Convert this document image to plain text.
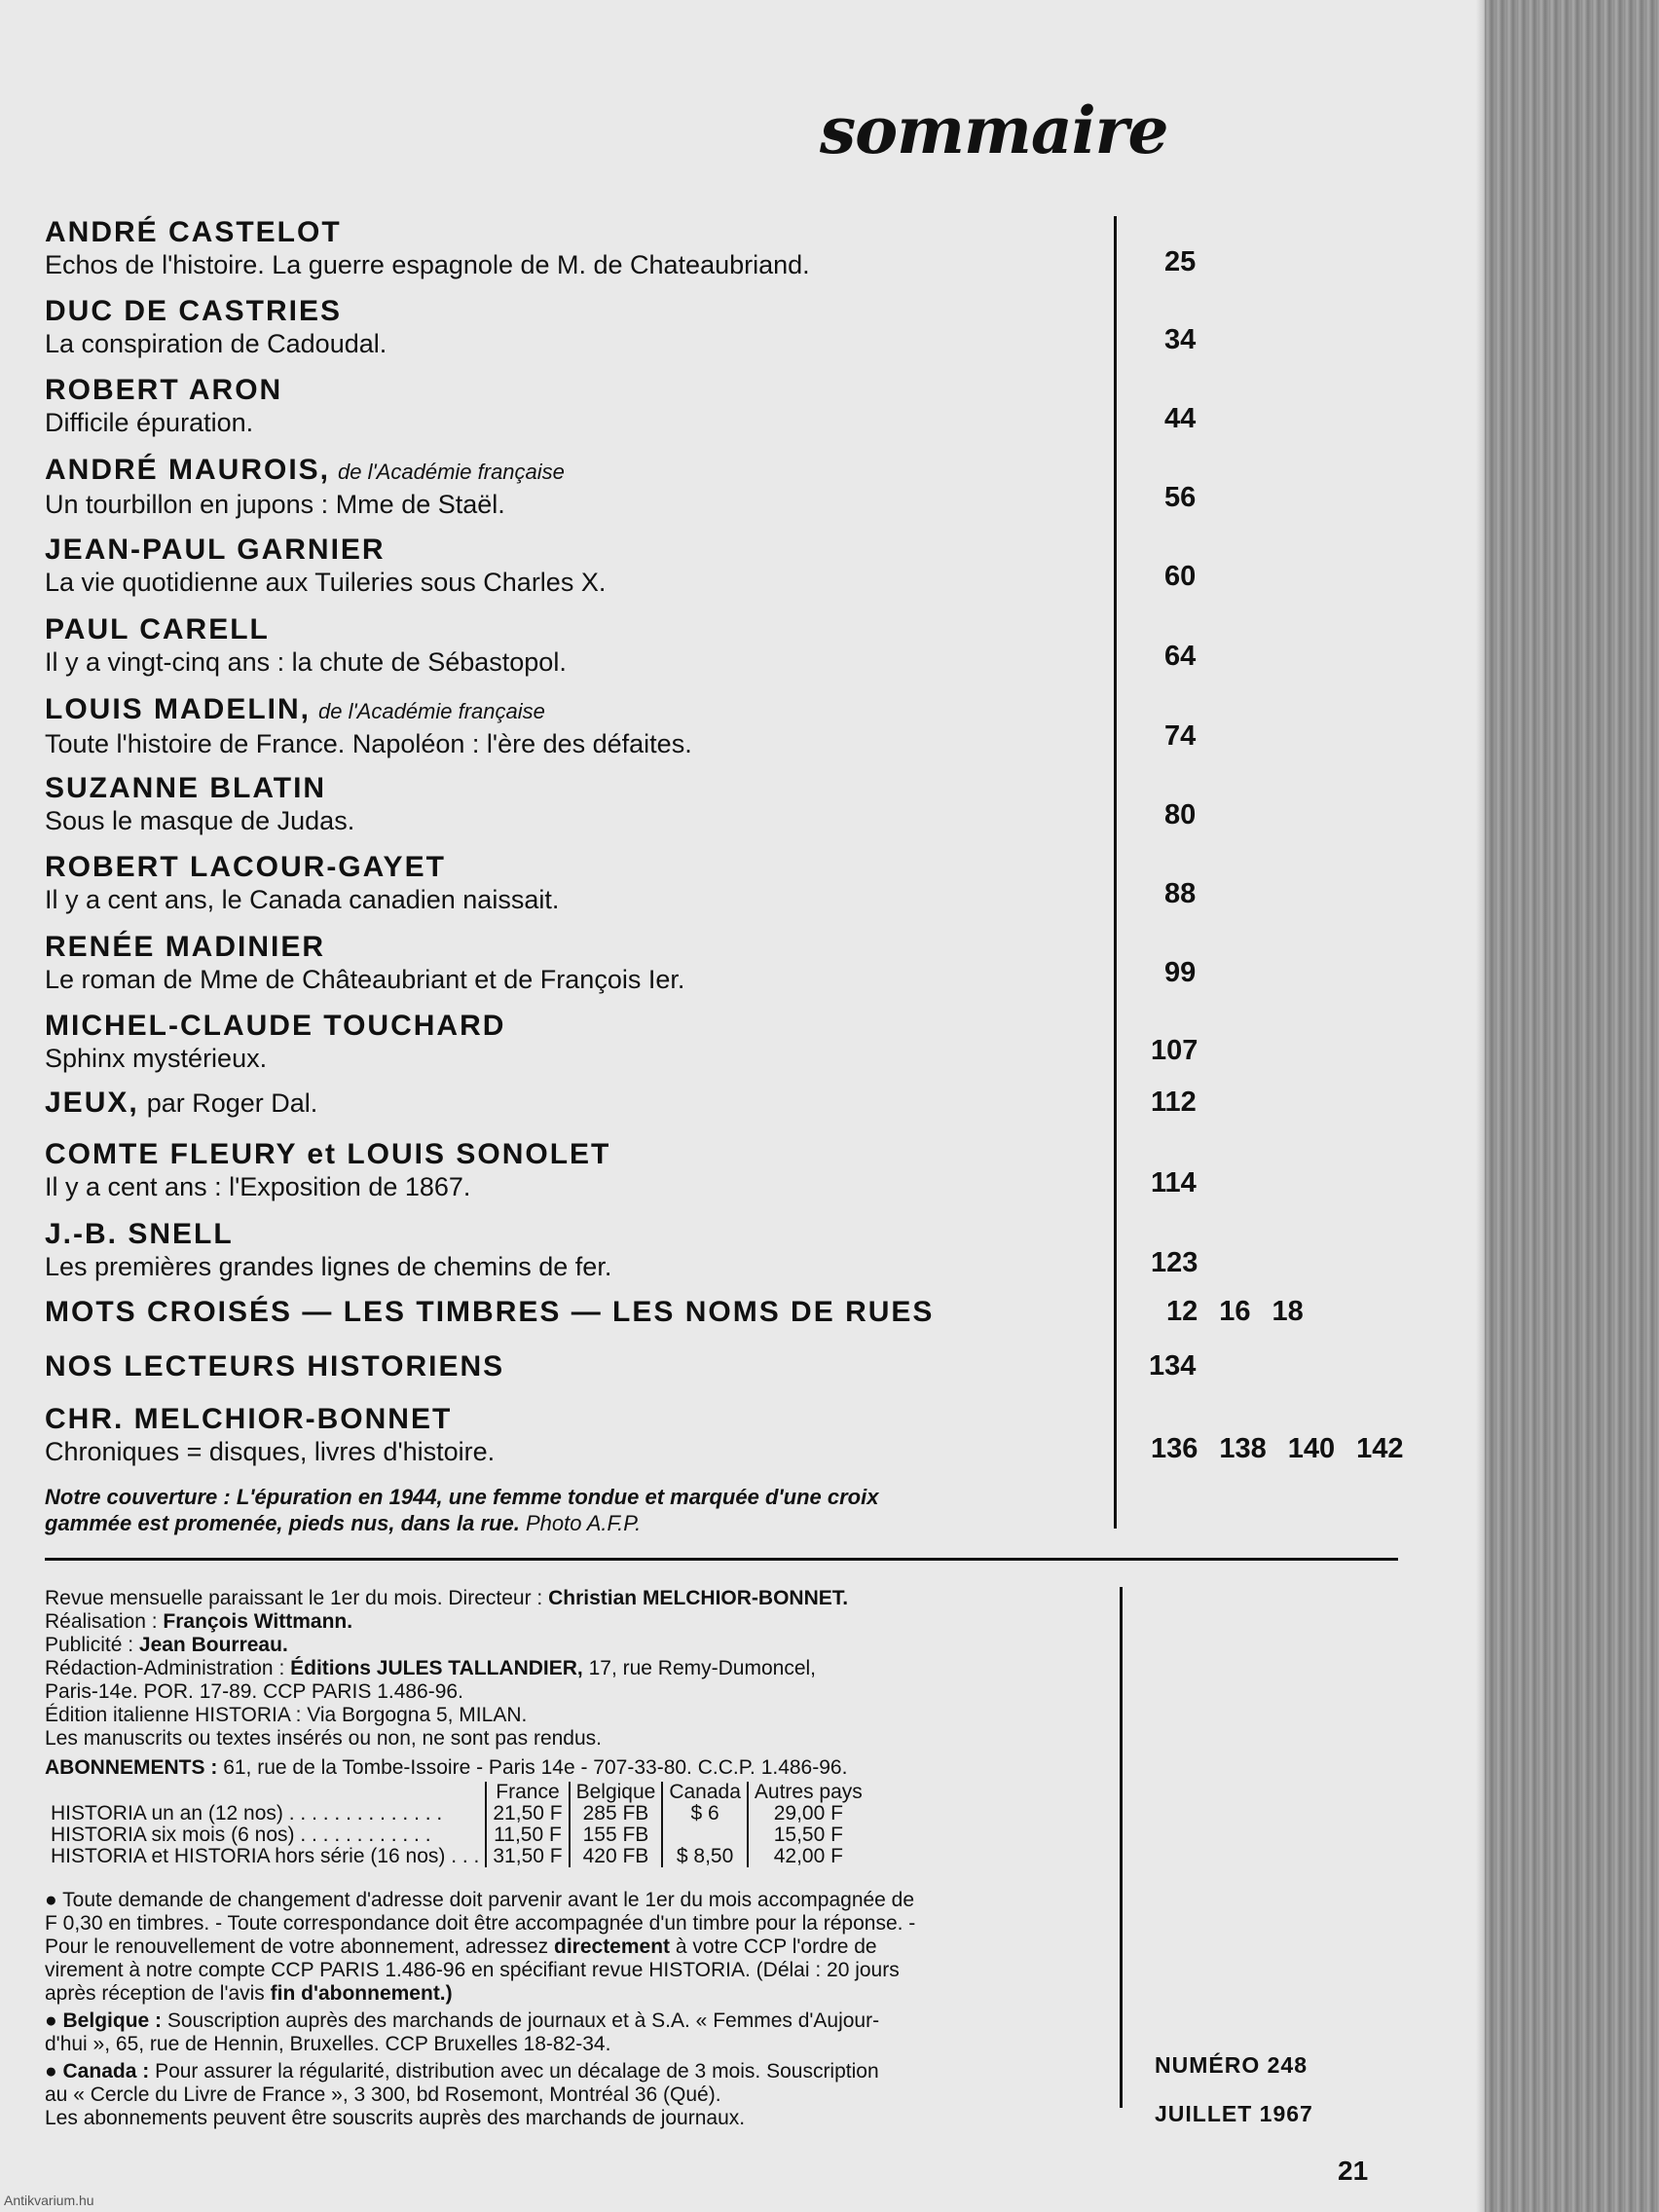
sommaire
ANDRÉ CASTELOT
Echos de l'histoire. La guerre espagnole de M. de Chateaubriand.	25
DUC DE CASTRIES
La conspiration de Cadoudal.	34
ROBERT ARON
Difficile épuration.	44
ANDRÉ MAUROIS, de l'Académie française
Un tourbillon en jupons : Mme de Staël.	56
JEAN-PAUL GARNIER
La vie quotidienne aux Tuileries sous Charles X.	60
PAUL CARELL
Il y a vingt-cinq ans : la chute de Sébastopol.	64
LOUIS MADELIN, de l'Académie française
Toute l'histoire de France. Napoléon : l'ère des défaites.	74
SUZANNE BLATIN
Sous le masque de Judas.	80
ROBERT LACOUR-GAYET
Il y a cent ans, le Canada canadien naissait.	88
RENÉE MADINIER
Le roman de Mme de Châteaubriant et de François Ier.	99
MICHEL-CLAUDE TOUCHARD
Sphinx mystérieux.	107
JEUX, par Roger Dal.	112
COMTE FLEURY et LOUIS SONOLET
Il y a cent ans : l'Exposition de 1867.	114
J.-B. SNELL
Les premières grandes lignes de chemins de fer.	123
MOTS CROISÉS — LES TIMBRES — LES NOMS DE RUES	12 16 18
NOS LECTEURS HISTORIENS	134
CHR. MELCHIOR-BONNET
Chroniques = disques, livres d'histoire.	136 138 140 142
Notre couverture : L'épuration en 1944, une femme tondue et marquée d'une croix
gammée est promenée, pieds nus, dans la rue. Photo A.F.P.
Revue mensuelle paraissant le 1er du mois. Directeur : Christian MELCHIOR-BONNET.
Réalisation : François Wittmann.
Publicité : Jean Bourreau.
Rédaction-Administration : Éditions JULES TALLANDIER, 17, rue Remy-Dumoncel,
Paris-14e. POR. 17-89. CCP PARIS 1.486-96.
Édition italienne HISTORIA : Via Borgogna 5, MILAN.
Les manuscrits ou textes insérés ou non, ne sont pas rendus.
ABONNEMENTS : 61, rue de la Tombe-Issoire - Paris 14e - 707-33-80. C.C.P. 1.486-96.
	France	Belgique	Canada	Autres pays
HISTORIA un an (12 nos) . . . . . . . . . . . . . .	21,50 F	285 FB	$ 6	29,00 F
HISTORIA six mois (6 nos) . . . . . . . . . . . .	11,50 F	155 FB		15,50 F
HISTORIA et HISTORIA hors série (16 nos) . . .	31,50 F	420 FB	$ 8,50	42,00 F
● Toute demande de changement d'adresse doit parvenir avant le 1er du mois accompagnée de
F 0,30 en timbres. - Toute correspondance doit être accompagnée d'un timbre pour la réponse. -
Pour le renouvellement de votre abonnement, adressez directement à votre CCP l'ordre de
virement à notre compte CCP PARIS 1.486-96 en spécifiant revue HISTORIA. (Délai : 20 jours
après réception de l'avis fin d'abonnement.)
● Belgique : Souscription auprès des marchands de journaux et à S.A. « Femmes d'Aujour-
d'hui », 65, rue de Hennin, Bruxelles. CCP Bruxelles 18-82-34.
● Canada : Pour assurer la régularité, distribution avec un décalage de 3 mois. Souscription
au « Cercle du Livre de France », 3 300, bd Rosemont, Montréal 36 (Qué).
Les abonnements peuvent être souscrits auprès des marchands de journaux.
NUMÉRO 248
JUILLET 1967
21
Antikvarium.hu
